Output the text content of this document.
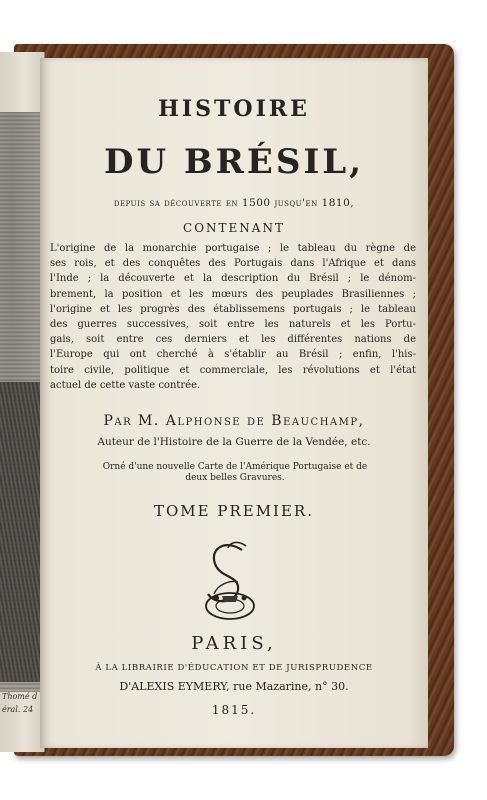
Thomé d
éral. 24
HISTOIRE
DU BRÉSIL,
depuis sa découverte en 1500 jusqu'en 1810,
CONTENANT
L'origine de la monarchie portugaise ; le tableau du règne de
ses rois, et des conquêtes des Portugais dans l'Afrique et dans
l'Inde ; la découverte et la description du Brésil ; le dénom-
brement, la position et les mœurs des peuplades Brasiliennes ;
l'origine et les progrès des établissemens portugais ; le tableau
des guerres successives, soit entre les naturels et les Portu-
gais, soit entre ces derniers et les différentes nations de
l'Europe qui ont cherché à s'établir au Brésil ; enfin, l'his-
toire civile, politique et commerciale, les révolutions et l'état
actuel de cette vaste contrée.
Par M. Alphonse de Beauchamp,
Auteur de l'Histoire de la Guerre de la Vendée, etc.
Orné d'une nouvelle Carte de l'Amérique Portugaise et de deux belles Gravures.
TOME PREMIER.
PARIS,
À LA LIBRAIRIE D'ÉDUCATION ET DE JURISPRUDENCE
D'ALEXIS EYMERY, rue Mazarine, n° 30.
1815.
